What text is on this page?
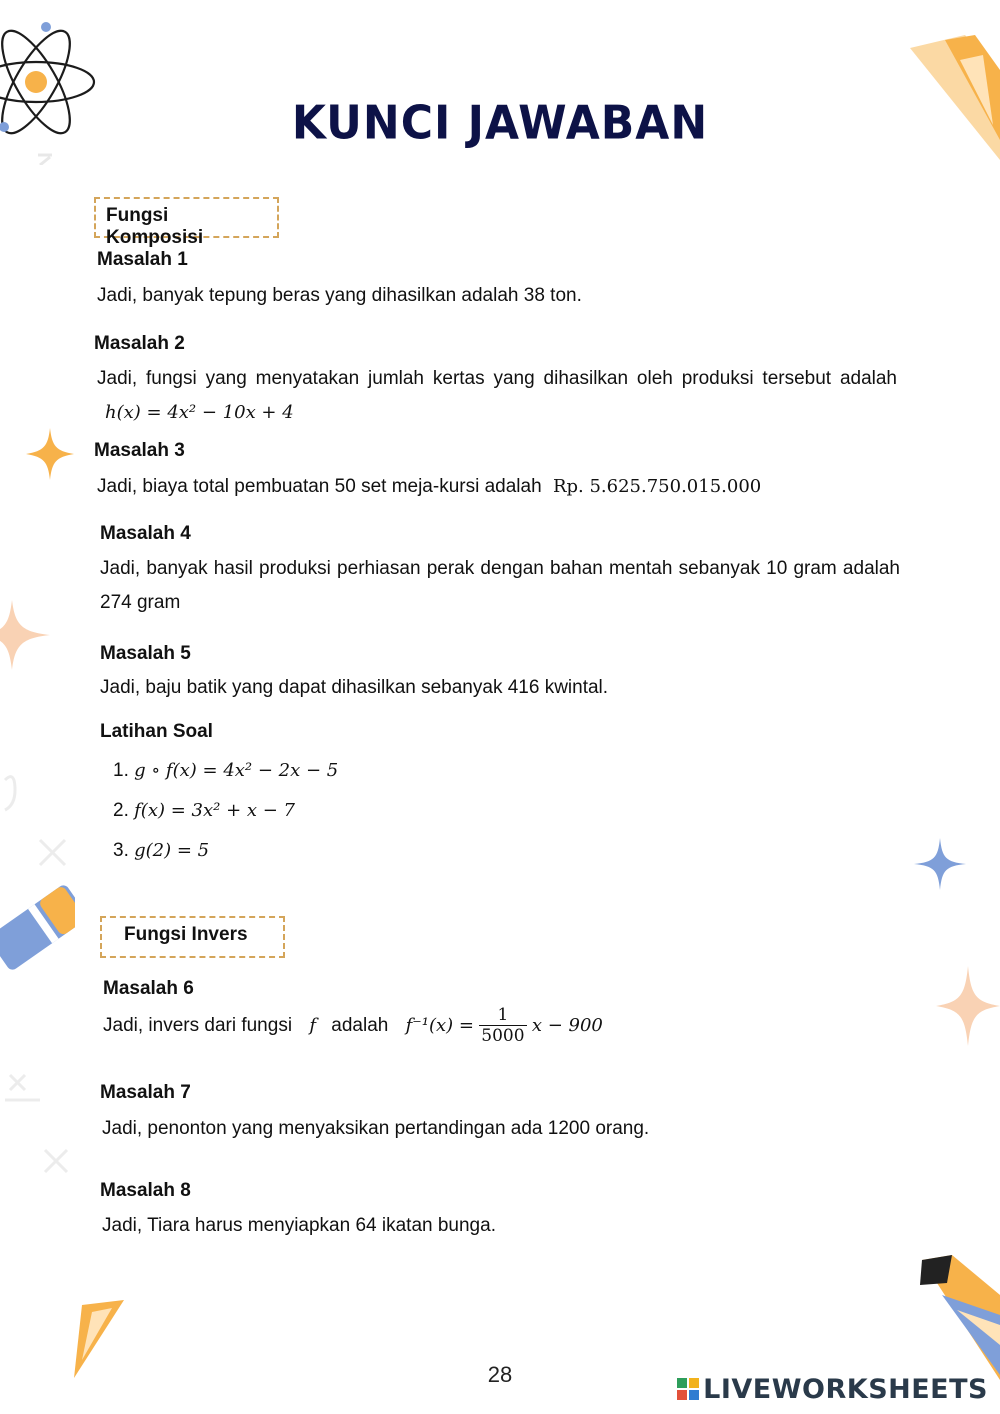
KUNCI JAWABAN
Fungsi Komposisi
Masalah 1
Jadi, banyak tepung beras yang dihasilkan adalah 38 ton.
Masalah 2
Jadi, fungsi yang menyatakan jumlah kertas yang dihasilkan oleh produksi tersebut adalah h(x) = 4x² − 10x + 4
Masalah 3
Jadi, biaya total pembuatan 50 set meja-kursi adalah Rp. 5.625.750.015.000
Masalah 4
Jadi, banyak hasil produksi perhiasan perak dengan bahan mentah sebanyak 10 gram adalah 274 gram
Masalah 5
Jadi, baju batik yang dapat dihasilkan sebanyak 416 kwintal.
Latihan Soal
1. g ∘ f(x) = 4x² − 2x − 5
2. f(x) = 3x² + x − 7
3. g(2) = 5
Fungsi Invers
Masalah 6
Jadi, invers dari fungsi f adalah $f^{-1}(x) = \frac{1}{5000}$ x − 900
Masalah 7
Jadi, penonton yang menyaksikan pertandingan ada 1200 orang.
Masalah 8
Jadi, Tiara harus menyiapkan 64 ikatan bunga.
28	LIVEWORKSHEETS
